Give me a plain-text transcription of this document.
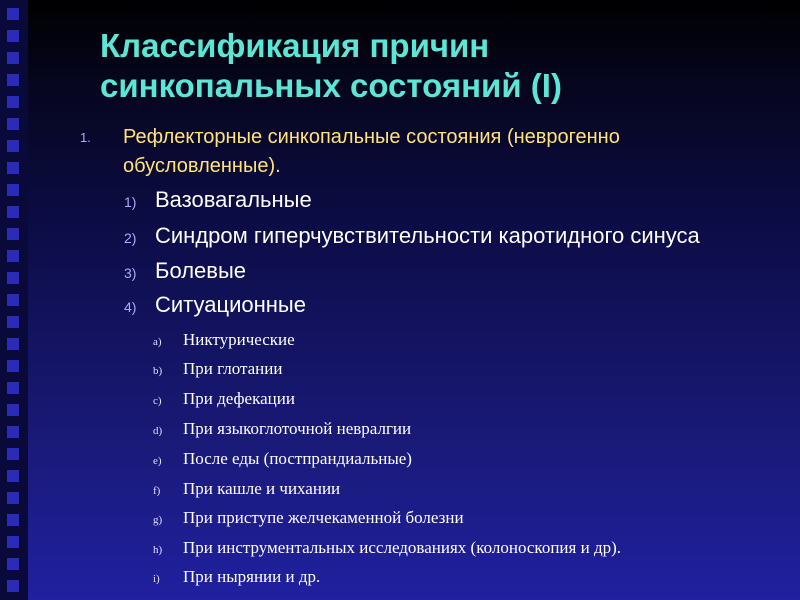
Классификация причин
синкопальных состояний (I)
1. Рефлекторные синкопальные состояния (неврогенно обусловленные).
1) Вазовагальные
2) Синдром гиперчувствительности каротидного синуса
3) Болевые
4) Ситуационные
a) Никтурические
b) При глотании
c) При дефекации
d) При языкоглоточной невралгии
e) После еды (постпрандиальные)
f) При кашле и чихании
g) При приступе желчекаменной болезни
h) При инструментальных исследованиях (колоноскопия и др).
i) При нырянии и др.
